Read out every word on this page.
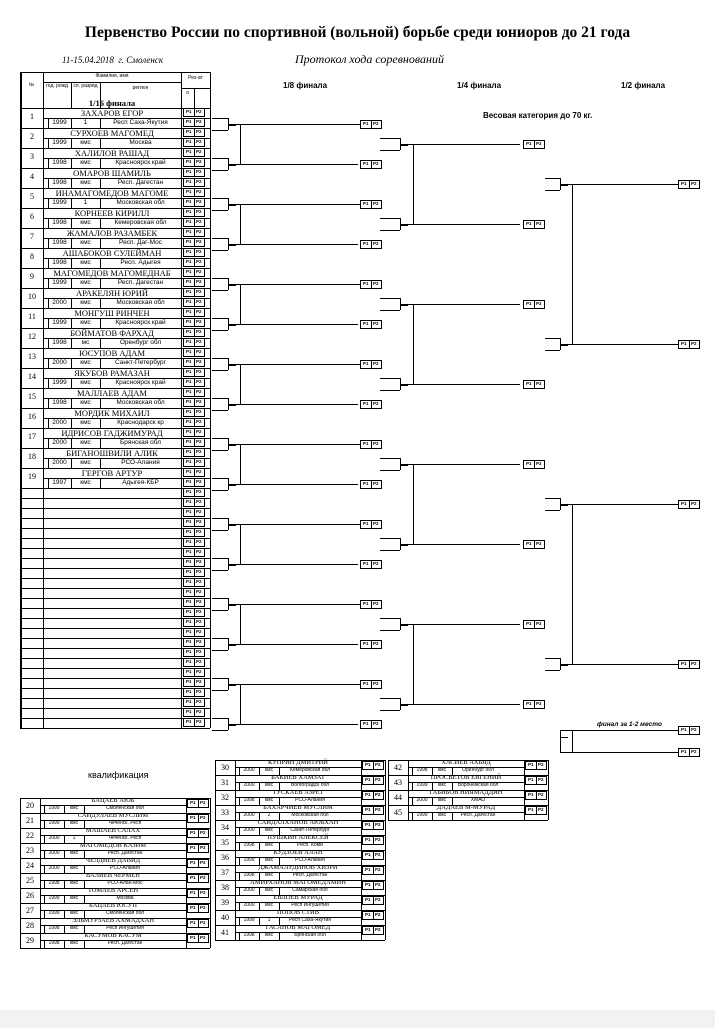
Первенство России по спортивной (вольной) борьбе среди юниоров до 21 года
11-15.04.2018 г. Смоленск	Протокол хода соревнований
1/8 финала	1/4 финала	1/2 финала
Весовая категория до 70 кг.
финал за 1-2 место
квалификация
№
Фамилия, имя
год. рожд	сп. разряд	регион
Рез-ат
о
1/16 финала
1	ЗАХАРОВ ЕГОР
1999	1	Респ Саха-Якутия
P1 P2
P1 P2
2	СУРХОЕВ МАГОМЕД
1999	кмс	Москва
P1 P2
P1 P2
3	ХАЛИЛОВ РАШАД
1998	кмс	Красноярск край
P1 P2
P1 P2
4	ОМАРОВ ШАМИЛЬ
1998	кмс	Респ. Дагестан
P1 P2
P1 P2
5	ИНАМАГОМЕДОВ МАГОМЕ
1999	1	Московская обл
P1 P2
P1 P2
6	КОРНЕЕВ КИРИЛЛ
1998	кмс	Кемеровская обл
P1 P2
P1 P2
7	ЖАМАЛОВ РАЗАМБЕК
1998	кмс	Респ. Даг-Мос
P1 P2
P1 P2
8	АШАБОКОВ СУЛЕЙМАН
1998	кмс	Респ. Адыгея
P1 P2
P1 P2
9	МАГОМЕДОВ МАГОМЕДНАБ
1999	кмс	Респ. Дагестан
P1 P2
P1 P2
10	АРАКЕЛЯН ЮРИЙ
2000	кмс	Московская обл
P1 P2
P1 P2
11	МОНГУШ РИНЧЕН
1999	кмс	Красноярск край
P1 P2
P1 P2
12	БОЙМАТОВ ФАРХАД
1998	мс	Оренбург обл
P1 P2
P1 P2
13	ЮСУПОВ АДАМ
2000	кмс	Санкт-Петербург
P1 P2
P1 P2
14	ЯКУБОВ РАМАЗАН
1999	кмс	Красноярск край
P1 P2
P1 P2
15	МАЛЛАЕВ АДАМ
1998	кмс	Московская обл
P1 P2
P1 P2
16	МОРДИК МИХАИЛ
2000	кмс	Краснодарск кр
P1 P2
P1 P2
17	ИДРИСОВ ГАДЖИМУРАД
2000	кмс	Брянская обл
P1 P2
P1 P2
18	БИГАНОШВИЛИ АЛИК
2000	кмс	РСО-Алания
P1 P2
P1 P2
19	ГЕРГОВ АРТУР
1997	кмс	Адыгея-КБР
P1 P2
P1 P2
P1 P2
P1 P2
P1 P2
P1 P2
P1 P2
P1 P2
P1 P2
P1 P2
P1 P2
P1 P2
P1 P2
P1 P2
P1 P2
P1 P2
P1 P2
P1 P2
P1 P2
P1 P2
P1 P2
P1 P2
P1 P2
P1 P2
P1 P2
P1 P2
P1 P2
P1 P2
P1 P2
P1 P2
P1 P2
P1 P2
P1 P2
P1 P2
P1 P2
P1 P2
P1 P2
P1 P2
P1 P2
P1 P2
P1 P2
P1 P2
P1 P2
P1 P2
P1 P2
P1 P2
P1 P2
P1 P2
P1 P2
P1 P2
P1 P2
P1 P2
P1 P2
P1 P2
P1 P2
P1 P2
20
БАЦАЕВ АЮБ
1999	кмс	Смоленская обл
P1 P2
21
САИДУЛАЕВ МУСЛИМ
1999	кмс	Чеченск. Респ
P1 P2
22
МАШАЕВ САЛАХ
2000	1	Чеченск. Респ
P1 P2
23
МАГОМЕДОВ КАЗИМ
2000	кмс	Респ. Дагестан
P1 P2
24
ЧЕЛДИЕВ ДАВИД
2000	кмс	РСО-Алания
P1 P2
25
ВАЛИЕВ ЧЕРМЕН
1998	кмс	РСО-Алан-Мос
P1 P2
26
ТОМАЕВ АРСЕН
1999	кмс	Москва
P1 P2
27
БАЦАЕВ ЮСУП
1999	кмс	Смоленская обл
P1 P2
28
ЭЛЬМУРЗАЕВ АХМАДХАН
1998	кмс	Респ Ингушетия
P1 P2
29
КАСУМОВ КАСУМ
1998	кмс	Респ. Дагестан
P1 P2
30
КУПРИН ДМИТРИЙ
2000	кмс	Кемеровская обл
P1 P2
31
БАКИЕВ ХАМЗАТ
2000	кмс	Волгоградск обл
P1 P2
32
ТУСКАЕВ АЗРЕТ
1998	кмс	РСО-Алания
P1 P2
33
БАХАРЧИЕВ МУСЛИМ
2000	2	Московская обл
P1 P2
34
САИДАЛХАНОВ АЮБХАН
2000	кмс	Санкт-Петербург
P1 P2
35
ПУШКИН АЛЕКСЕЙ
1998	кмс	Респ. Коми
P1 P2
36
КУДЗОЕВ АЛАН
1999	кмс	РСО-Алания
P1 P2
37
ДЖАМАЛУДИНОВ ХИЗРИ
1998	кмс	Респ. Дагестан
P1 P2
38
АМИРХАНОВ МАГОМЕДАМИН
2000	кмс	Самарская обл
P1 P2
39
ЕВЛОЕВ МУРАД
2000	кмс	Респ Ингушетия
P1 P2
40
ПОПОВ СТИВ
1999	1	Респ Саха-Якутия
P1 P2
41
ГАСАНОВ МАГОМЕД
1998	кмс	Брянская обл
P1 P2
42
ХАСИЕВ АХЬЯД
1998	кмс	Оренбург обл
P1 P2
43
ПРОСВЕТОВ ЕВГЕНИЙ
1999	кмс	Воронежская обл
P1 P2
44
ГАБИБОВ НИЯМАДДИН
2000	кмс	ХМАО
P1 P2
45
ДАДАЕВ М-МУРАД
1999	кмс	Респ. Дагестан
P1 P2
